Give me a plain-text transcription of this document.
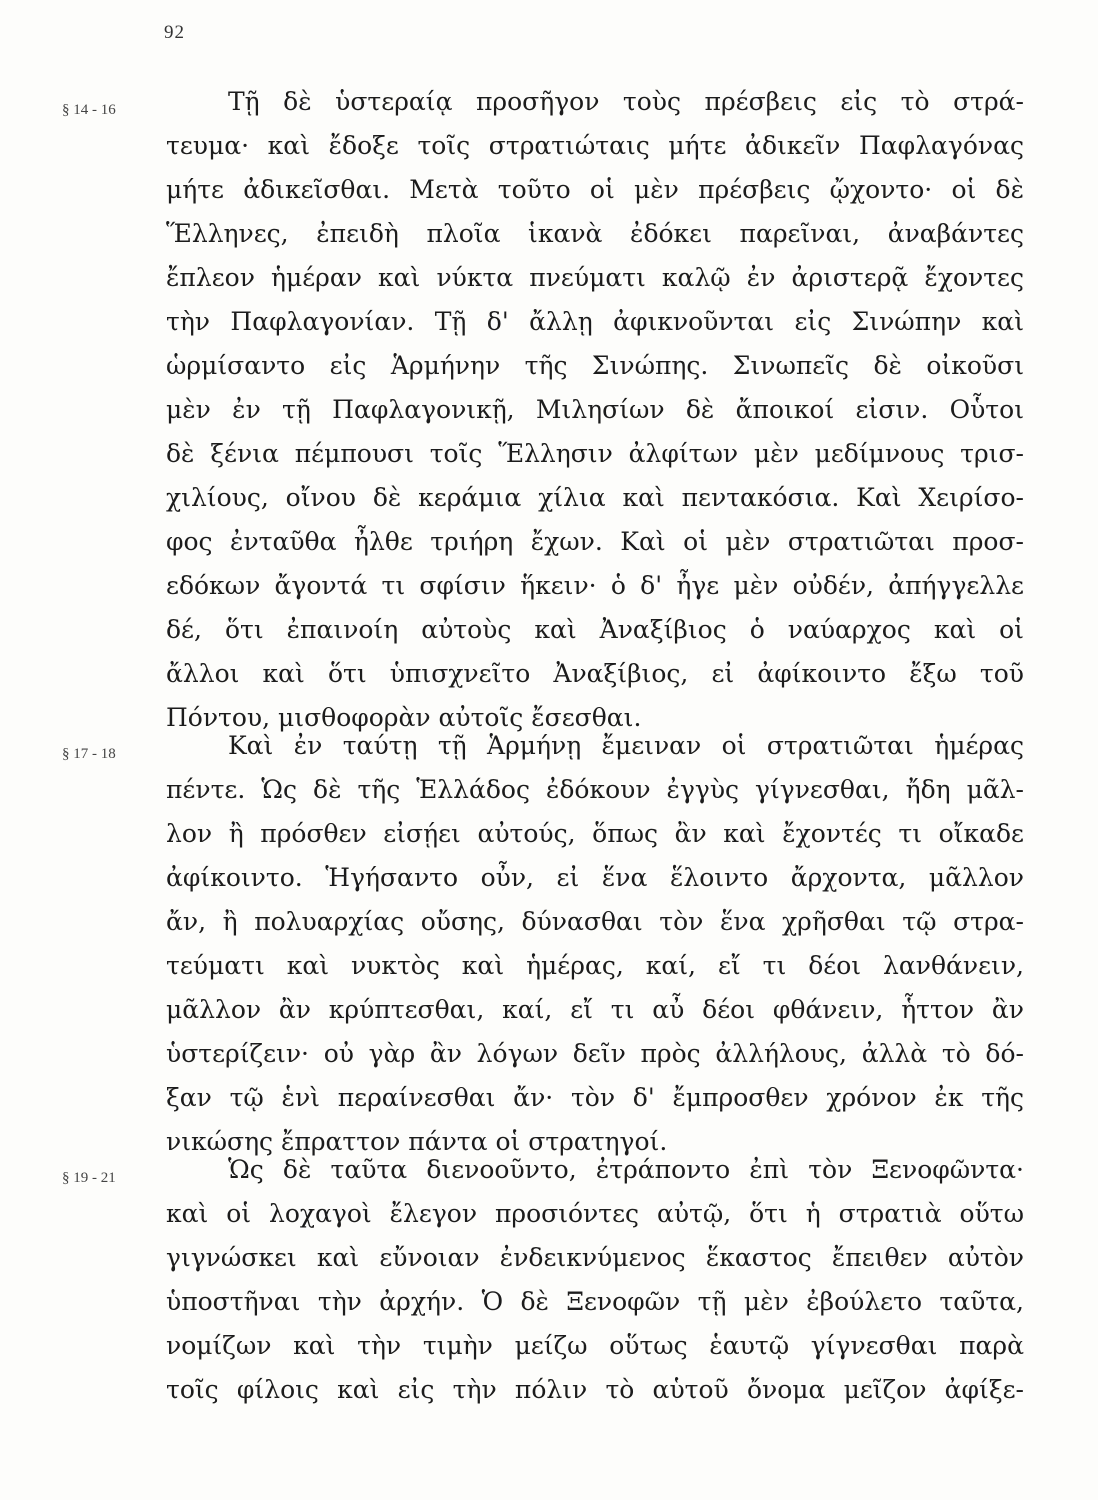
92
§ 14 - 16	Τῇ δὲ ὑστεραίᾳ προσῆγον τοὺς πρέσβεις εἰς τὸ στρά-
τευμα· καὶ ἔδοξε τοῖς στρατιώταις μήτε ἀδικεῖν Παφλαγόνας
μήτε ἀδικεῖσθαι. Μετὰ τοῦτο οἱ μὲν πρέσβεις ᾤχοντο· οἱ δὲ
Ἕλληνες, ἐπειδὴ πλοῖα ἱκανὰ ἐδόκει παρεῖναι, ἀναβάντες
ἔπλεον ἡμέραν καὶ νύκτα πνεύματι καλῷ ἐν ἀριστερᾷ ἔχοντες
τὴν Παφλαγονίαν. Τῇ δ' ἄλλῃ ἀφικνοῦνται εἰς Σινώπην καὶ
ὡρμίσαντο εἰς Ἁρμήνην τῆς Σινώπης. Σινωπεῖς δὲ οἰκοῦσι
μὲν ἐν τῇ Παφλαγονικῇ, Μιλησίων δὲ ἄποικοί εἰσιν. Οὗτοι
δὲ ξένια πέμπουσι τοῖς Ἕλλησιν ἀλφίτων μὲν μεδίμνους τρισ-
χιλίους, οἴνου δὲ κεράμια χίλια καὶ πεντακόσια. Καὶ Χειρίσο-
φος ἐνταῦθα ἦλθε τριήρη ἔχων. Καὶ οἱ μὲν στρατιῶται προσ-
εδόκων ἄγοντά τι σφίσιν ἥκειν· ὁ δ' ἦγε μὲν οὐδέν, ἀπήγγελλε
δέ, ὅτι ἐπαινοίη αὐτοὺς καὶ Ἀναξίβιος ὁ ναύαρχος καὶ οἱ
ἄλλοι καὶ ὅτι ὑπισχνεῖτο Ἀναξίβιος, εἰ ἀφίκοιντο ἔξω τοῦ
Πόντου, μισθοφορὰν αὐτοῖς ἔσεσθαι.
§ 17 - 18	Καὶ ἐν ταύτῃ τῇ Ἁρμήνῃ ἔμειναν οἱ στρατιῶται ἡμέρας
πέντε. Ὡς δὲ τῆς Ἑλλάδος ἐδόκουν ἐγγὺς γίγνεσθαι, ἤδη μᾶλ-
λον ἢ πρόσθεν εἰσῄει αὐτούς, ὅπως ἂν καὶ ἔχοντές τι οἴκαδε
ἀφίκοιντο. Ἡγήσαντο οὖν, εἰ ἕνα ἕλοιντο ἄρχοντα, μᾶλλον
ἄν, ἢ πολυαρχίας οὔσης, δύνασθαι τὸν ἕνα χρῆσθαι τῷ στρα-
τεύματι καὶ νυκτὸς καὶ ἡμέρας, καί, εἴ τι δέοι λανθάνειν,
μᾶλλον ἂν κρύπτεσθαι, καί, εἴ τι αὖ δέοι φθάνειν, ἧττον ἂν
ὑστερίζειν· οὐ γὰρ ἂν λόγων δεῖν πρὸς ἀλλήλους, ἀλλὰ τὸ δό-
ξαν τῷ ἑνὶ περαίνεσθαι ἄν· τὸν δ' ἔμπροσθεν χρόνον ἐκ τῆς
νικώσης ἔπραττον πάντα οἱ στρατηγοί.
§ 19 - 21	Ὡς δὲ ταῦτα διενοοῦντο, ἐτράποντο ἐπὶ τὸν Ξενοφῶντα·
καὶ οἱ λοχαγοὶ ἔλεγον προσιόντες αὐτῷ, ὅτι ἡ στρατιὰ οὕτω
γιγνώσκει καὶ εὔνοιαν ἐνδεικνύμενος ἕκαστος ἔπειθεν αὐτὸν
ὑποστῆναι τὴν ἀρχήν. Ὁ δὲ Ξενοφῶν τῇ μὲν ἐβούλετο ταῦτα,
νομίζων καὶ τὴν τιμὴν μείζω οὕτως ἑαυτῷ γίγνεσθαι παρὰ
τοῖς φίλοις καὶ εἰς τὴν πόλιν τὸ αὑτοῦ ὄνομα μεῖζον ἀφίξε-
